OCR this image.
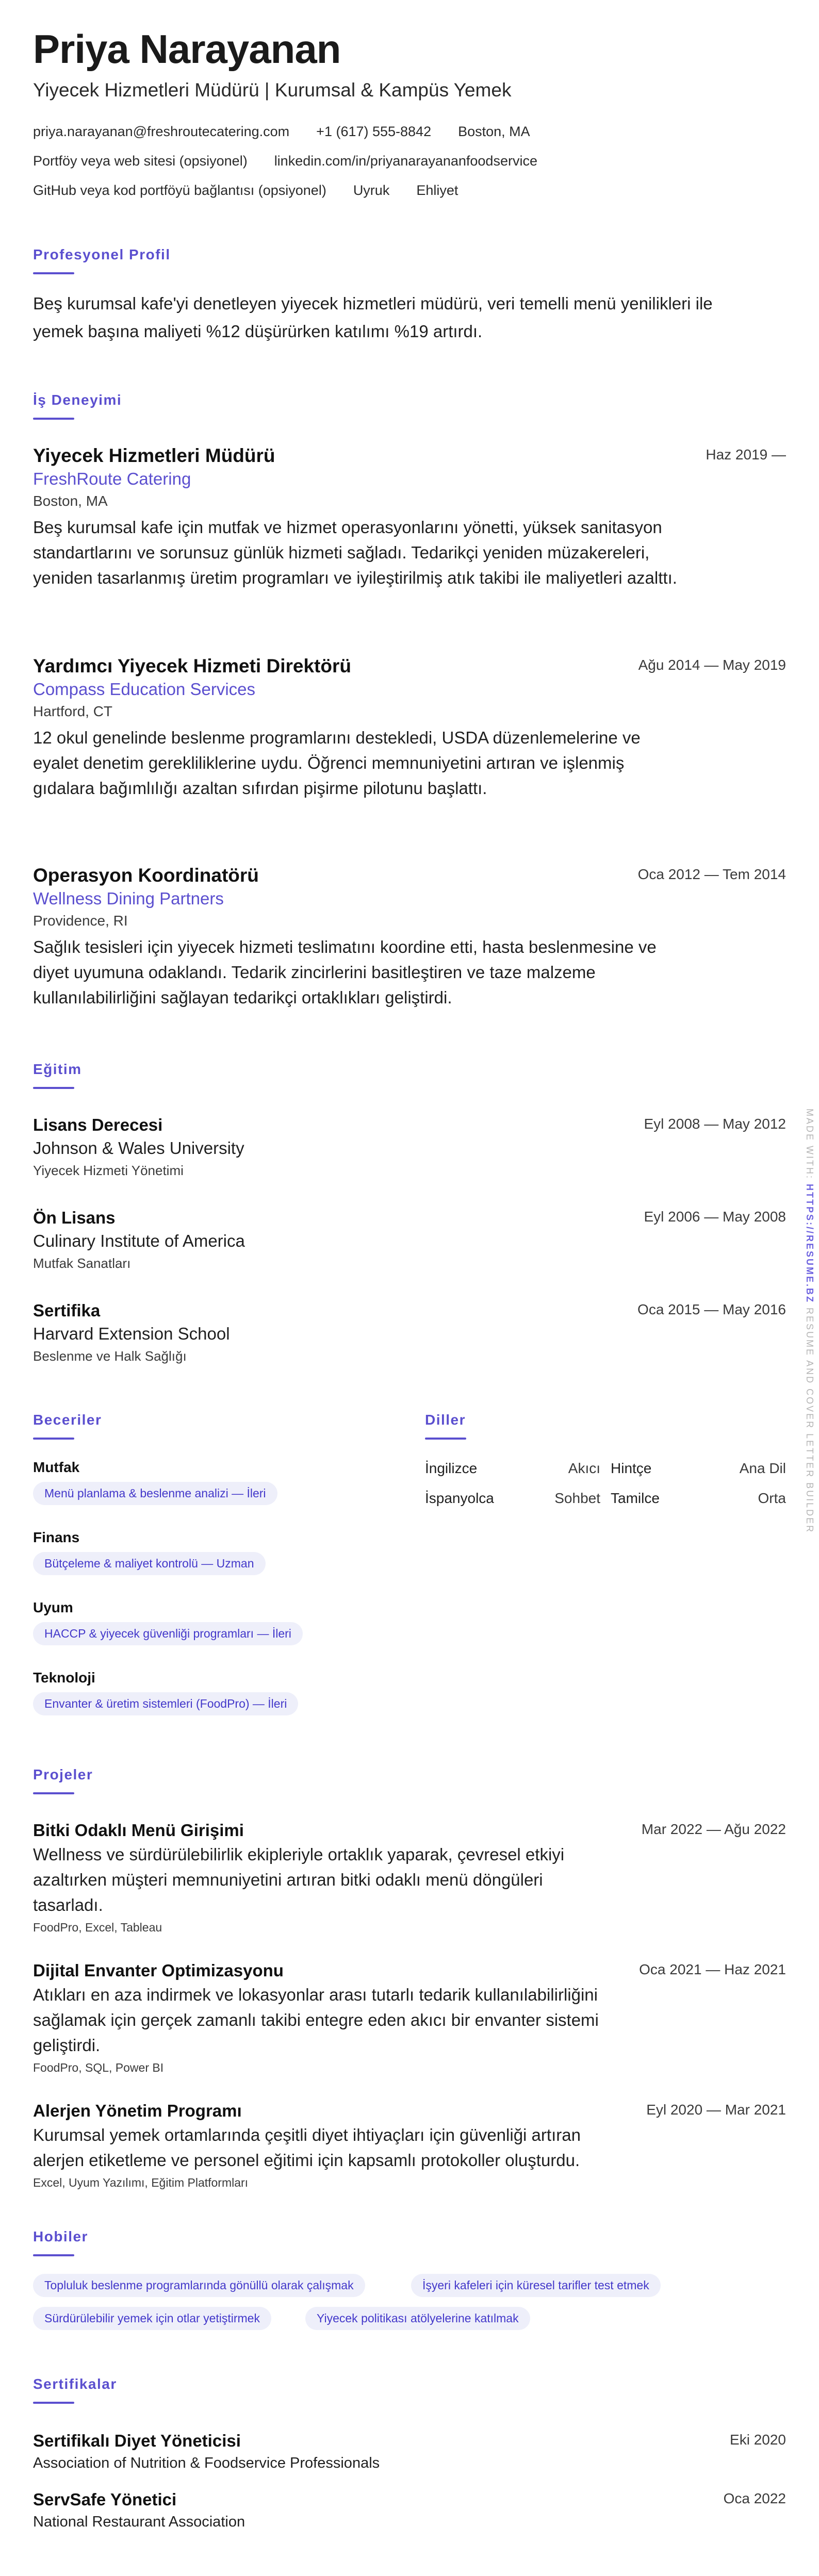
Priya Narayanan
Yiyecek Hizmetleri Müdürü | Kurumsal & Kampüs Yemek
priya.narayanan@freshroutecatering.com +1 (617) 555-8842 Boston, MA
Portföy veya web sitesi (opsiyonel) linkedin.com/in/priyanarayananfoodservice
GitHub veya kod portföyü bağlantısı (opsiyonel) Uyruk Ehliyet
Profesyonel Profil
Beş kurumsal kafe'yi denetleyen yiyecek hizmetleri müdürü, veri temelli menü yenilikleri ile yemek başına maliyeti %12 düşürürken katılımı %19 artırdı.
İş Deneyimi
Yiyecek Hizmetleri Müdürü
FreshRoute Catering
Boston, MA
Beş kurumsal kafe için mutfak ve hizmet operasyonlarını yönetti, yüksek sanitasyon standartlarını ve sorunsuz günlük hizmeti sağladı. Tedarikçi yeniden müzakereleri, yeniden tasarlanmış üretim programları ve iyileştirilmiş atık takibi ile maliyetleri azalttı.
Haz 2019 —
Yardımcı Yiyecek Hizmeti Direktörü
Compass Education Services
Hartford, CT
12 okul genelinde beslenme programlarını destekledi, USDA düzenlemelerine ve eyalet denetim gerekliliklerine uydu. Öğrenci memnuniyetini artıran ve işlenmiş gıdalara bağımlılığı azaltan sıfırdan pişirme pilotunu başlattı.
Ağu 2014 — May 2019
Operasyon Koordinatörü
Wellness Dining Partners
Providence, RI
Sağlık tesisleri için yiyecek hizmeti teslimatını koordine etti, hasta beslenmesine ve diyet uyumuna odaklandı. Tedarik zincirlerini basitleştiren ve taze malzeme kullanılabilirliğini sağlayan tedarikçi ortaklıkları geliştirdi.
Oca 2012 — Tem 2014
Eğitim
Lisans Derecesi
Johnson & Wales University
Yiyecek Hizmeti Yönetimi
Eyl 2008 — May 2012
Ön Lisans
Culinary Institute of America
Mutfak Sanatları
Eyl 2006 — May 2008
Sertifika
Harvard Extension School
Beslenme ve Halk Sağlığı
Oca 2015 — May 2016
Beceriler
Mutfak
Menü planlama & beslenme analizi — İleri
Finans
Bütçeleme & maliyet kontrolü — Uzman
Uyum
HACCP & yiyecek güvenliği programları — İleri
Teknoloji
Envanter & üretim sistemleri (FoodPro) — İleri
Diller
İngilizce	Akıcı Hintçe	Ana Dil
İspanyolca	Sohbet Tamilce	Orta
Projeler
Bitki Odaklı Menü Girişimi
Wellness ve sürdürülebilirlik ekipleriyle ortaklık yaparak, çevresel etkiyi azaltırken müşteri memnuniyetini artıran bitki odaklı menü döngüleri tasarladı.
FoodPro, Excel, Tableau
Mar 2022 — Ağu 2022
Dijital Envanter Optimizasyonu
Atıkları en aza indirmek ve lokasyonlar arası tutarlı tedarik kullanılabilirliğini sağlamak için gerçek zamanlı takibi entegre eden akıcı bir envanter sistemi geliştirdi.
FoodPro, SQL, Power BI
Oca 2021 — Haz 2021
Alerjen Yönetim Programı
Kurumsal yemek ortamlarında çeşitli diyet ihtiyaçları için güvenliği artıran alerjen etiketleme ve personel eğitimi için kapsamlı protokoller oluşturdu.
Excel, Uyum Yazılımı, Eğitim Platformları
Eyl 2020 — Mar 2021
Hobiler
Topluluk beslenme programlarında gönüllü olarak çalışmak	İşyeri kafeleri için küresel tarifler test etmek
Sürdürülebilir yemek için otlar yetiştirmek	Yiyecek politikası atölyelerine katılmak
Sertifikalar
Sertifikalı Diyet Yöneticisi
Association of Nutrition & Foodservice Professionals
Eki 2020
ServSafe Yönetici
National Restaurant Association
Oca 2022
MADE WITH: HTTPS://RESUME.BZ RESUME AND COVER LETTER BUILDER
